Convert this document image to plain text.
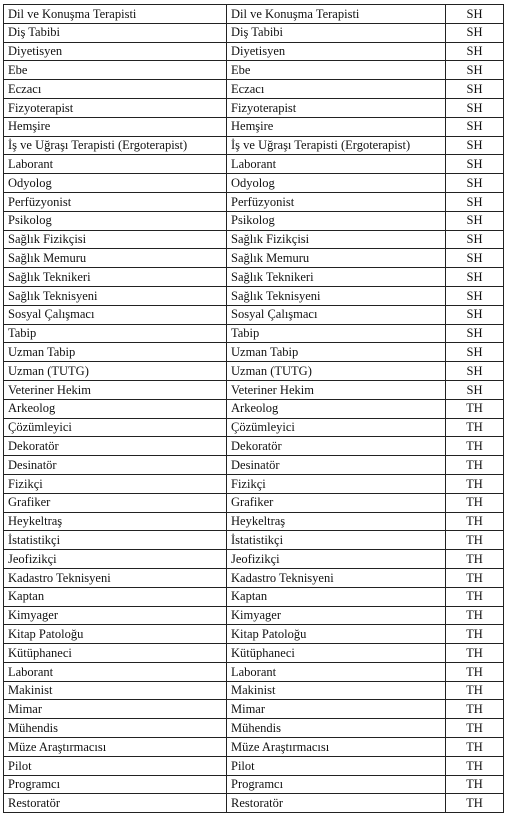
Dil ve Konuşma Terapisti	Dil ve Konuşma Terapisti	SH
Diş Tabibi	Diş Tabibi	SH
Diyetisyen	Diyetisyen	SH
Ebe	Ebe	SH
Eczacı	Eczacı	SH
Fizyoterapist	Fizyoterapist	SH
Hemşire	Hemşire	SH
İş ve Uğraşı Terapisti (Ergoterapist)	İş ve Uğraşı Terapisti (Ergoterapist)	SH
Laborant	Laborant	SH
Odyolog	Odyolog	SH
Perfüzyonist	Perfüzyonist	SH
Psikolog	Psikolog	SH
Sağlık Fizikçisi	Sağlık Fizikçisi	SH
Sağlık Memuru	Sağlık Memuru	SH
Sağlık Teknikeri	Sağlık Teknikeri	SH
Sağlık Teknisyeni	Sağlık Teknisyeni	SH
Sosyal Çalışmacı	Sosyal Çalışmacı	SH
Tabip	Tabip	SH
Uzman Tabip	Uzman Tabip	SH
Uzman (TUTG)	Uzman (TUTG)	SH
Veteriner Hekim	Veteriner Hekim	SH
Arkeolog	Arkeolog	TH
Çözümleyici	Çözümleyici	TH
Dekoratör	Dekoratör	TH
Desinatör	Desinatör	TH
Fizikçi	Fizikçi	TH
Grafiker	Grafiker	TH
Heykeltraş	Heykeltraş	TH
İstatistikçi	İstatistikçi	TH
Jeofizikçi	Jeofizikçi	TH
Kadastro Teknisyeni	Kadastro Teknisyeni	TH
Kaptan	Kaptan	TH
Kimyager	Kimyager	TH
Kitap Patoloğu	Kitap Patoloğu	TH
Kütüphaneci	Kütüphaneci	TH
Laborant	Laborant	TH
Makinist	Makinist	TH
Mimar	Mimar	TH
Mühendis	Mühendis	TH
Müze Araştırmacısı	Müze Araştırmacısı	TH
Pilot	Pilot	TH
Programcı	Programcı	TH
Restoratör	Restoratör	TH
